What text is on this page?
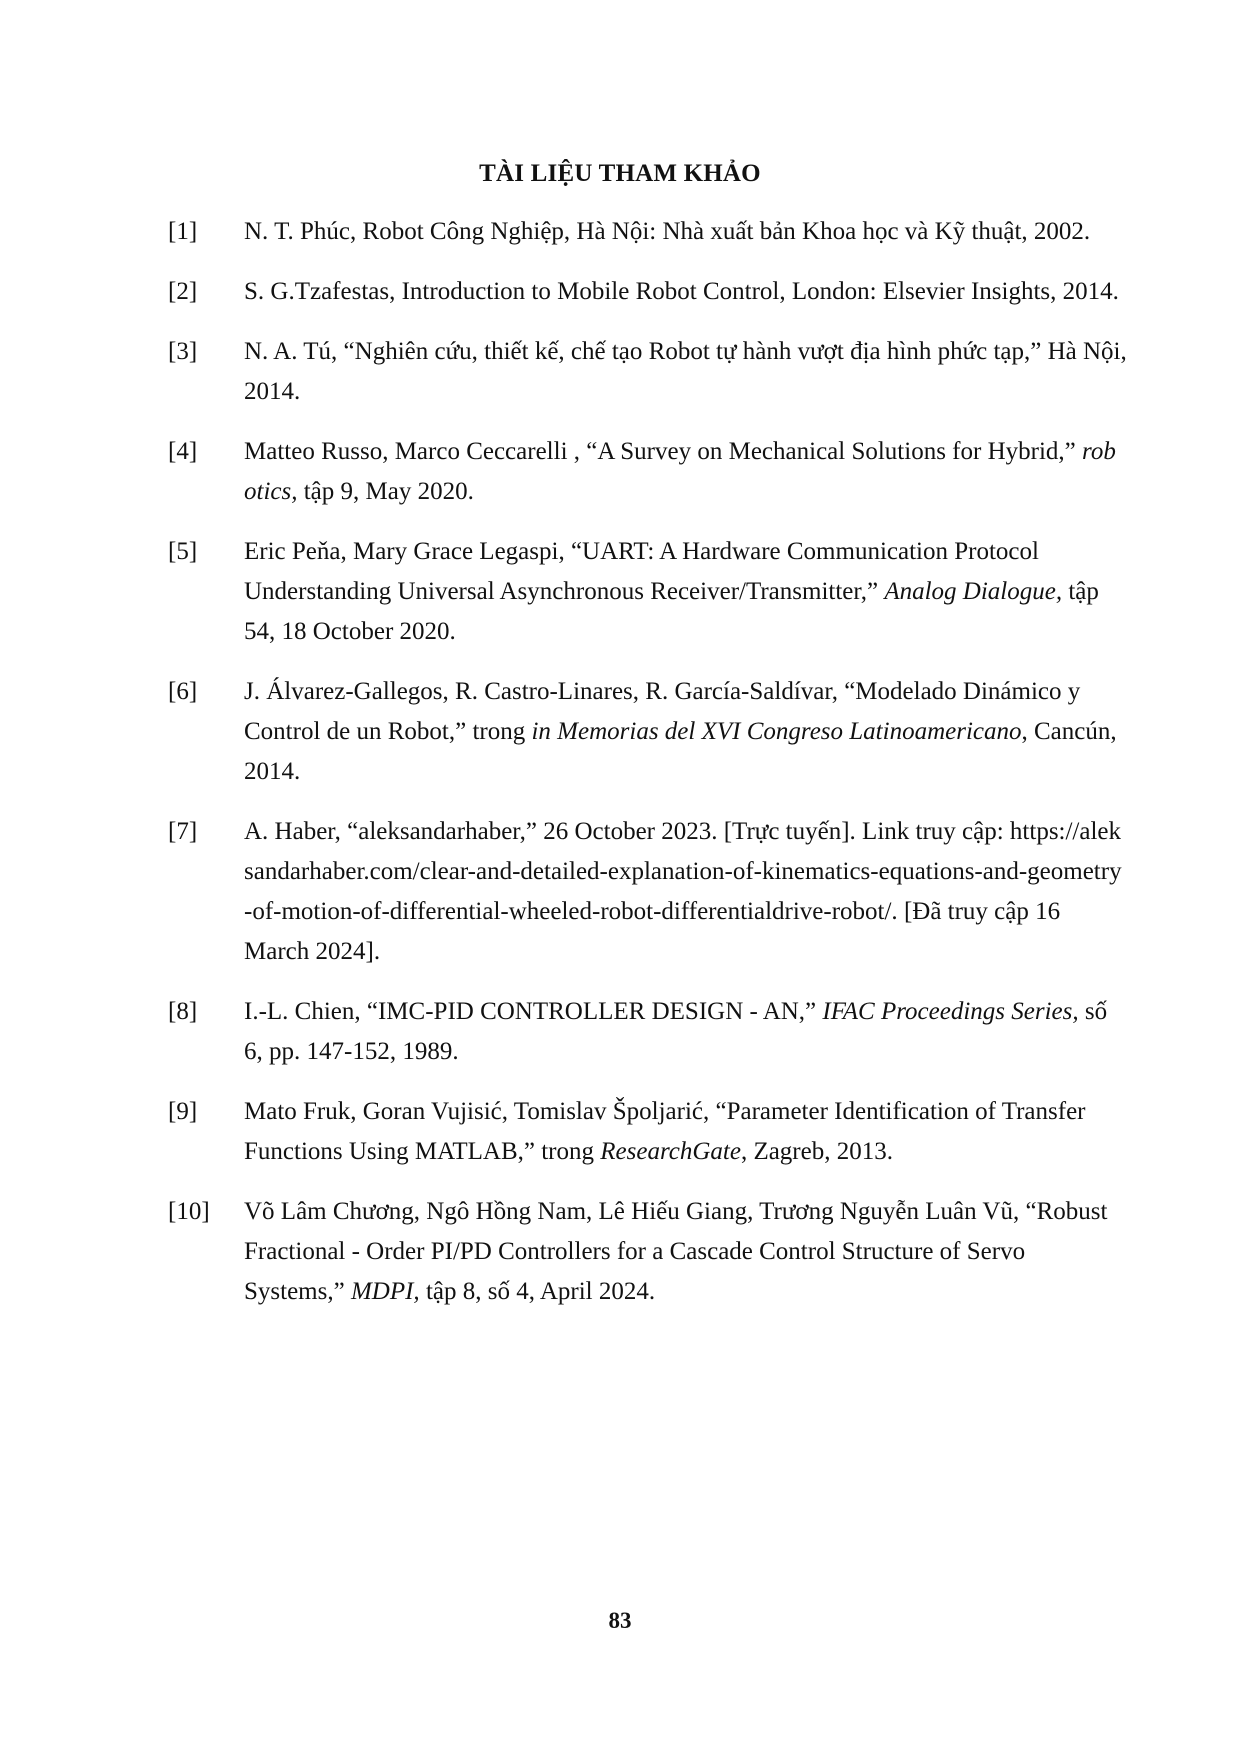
TÀI LIỆU THAM KHẢO
[1]	N. T. Phúc, Robot Công Nghiệp, Hà Nội: Nhà xuất bản Khoa học và Kỹ thuật, 2002.
[2]	S. G.Tzafestas, Introduction to Mobile Robot Control, London: Elsevier Insights, 2014.
[3]	N. A. Tú, “Nghiên cứu, thiết kế, chế tạo Robot tự hành vượt địa hình phức tạp,” Hà Nội, 2014.
[4]	Matteo Russo, Marco Ceccarelli , “A Survey on Mechanical Solutions for Hybrid,” robotics, tập 9, May 2020.
[5]	Eric Peňa, Mary Grace Legaspi, “UART: A Hardware Communication Protocol Understanding Universal Asynchronous Receiver/Transmitter,” Analog Dialogue, tập 54, 18 October 2020.
[6]	J. Álvarez-Gallegos, R. Castro-Linares, R. García-Saldívar, “Modelado Dinámico y Control de un Robot,” trong in Memorias del XVI Congreso Latinoamericano, Cancún, 2014.
[7]	A. Haber, “aleksandarhaber,” 26 October 2023. [Trực tuyến]. Link truy cập: https://aleksandarhaber.com/clear-and-detailed-explanation-of-kinematics-equations-and-geometry-of-motion-of-differential-wheeled-robot-differentialdrive-robot/. [Đã truy cập 16 March 2024].
[8]	I.-L. Chien, “IMC-PID CONTROLLER DESIGN - AN,” IFAC Proceedings Series, số 6, pp. 147-152, 1989.
[9]	Mato Fruk, Goran Vujisić, Tomislav Špoljarić, “Parameter Identification of Transfer Functions Using MATLAB,” trong ResearchGate, Zagreb, 2013.
[10]	Võ Lâm Chương, Ngô Hồng Nam, Lê Hiếu Giang, Trương Nguyễn Luân Vũ, “Robust Fractional - Order PI/PD Controllers for a Cascade Control Structure of Servo Systems,” MDPI, tập 8, số 4, April 2024.
83
